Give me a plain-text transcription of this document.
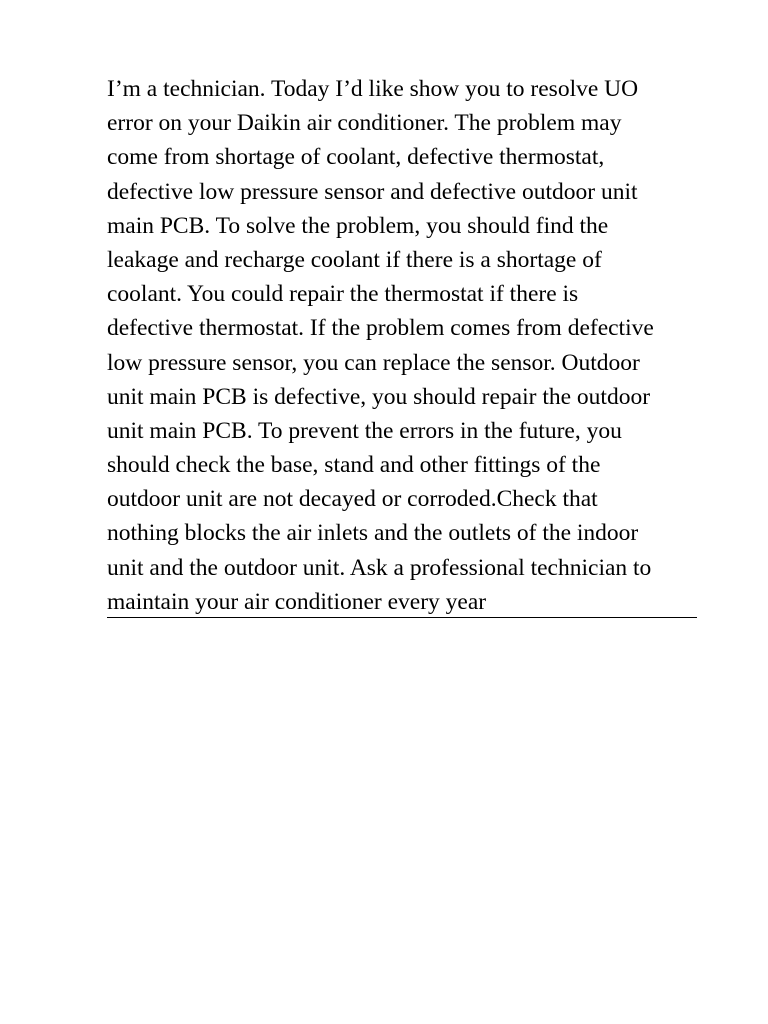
I’m a technician. Today I’d like show you to resolve UO
error on your Daikin air conditioner. The problem may
come from shortage of coolant, defective thermostat,
defective low pressure sensor and defective outdoor unit
main PCB. To solve the problem, you should find the
leakage and recharge coolant if there is a shortage of
coolant. You could repair the thermostat if there is
defective thermostat. If the problem comes from defective
low pressure sensor, you can replace the sensor. Outdoor
unit main PCB is defective, you should repair the outdoor
unit main PCB. To prevent the errors in the future, you
should check the base, stand and other fittings of the
outdoor unit are not decayed or corroded.Check that
nothing blocks the air inlets and the outlets of the indoor
unit and the outdoor unit. Ask a professional technician to
maintain your air conditioner every year
